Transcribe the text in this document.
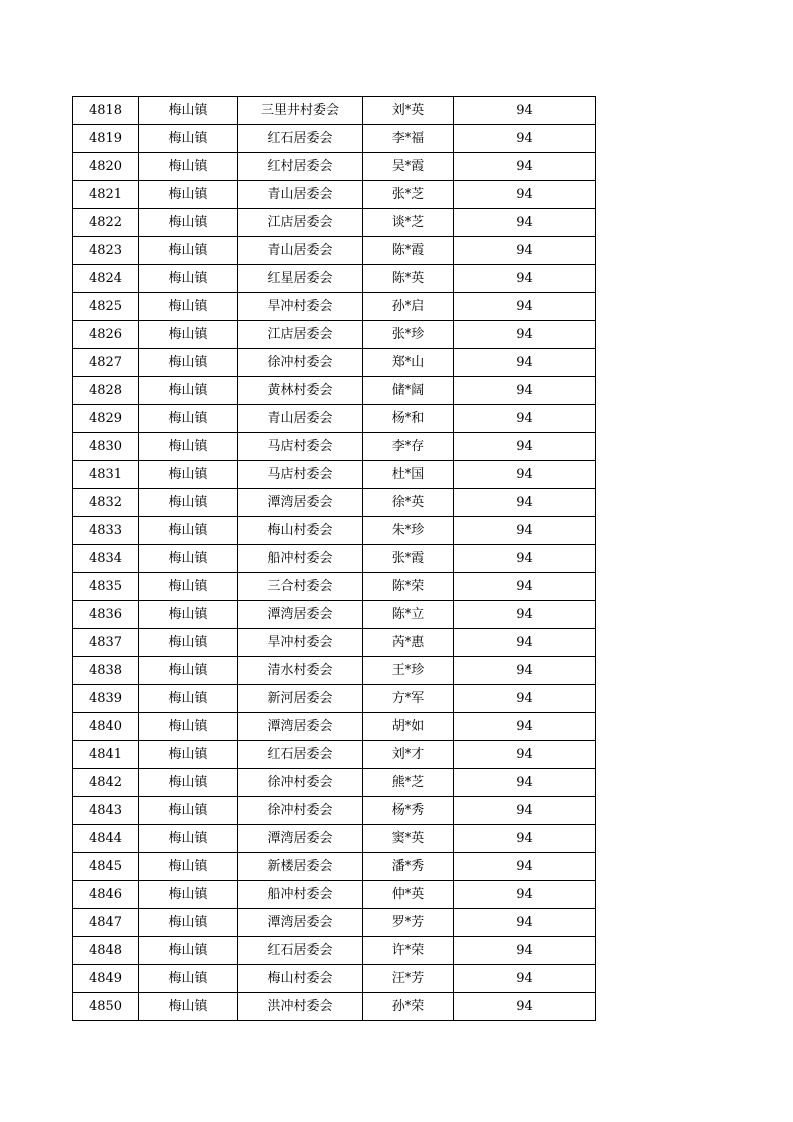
4818	梅山镇	三里井村委会	刘*英	94
4819	梅山镇	红石居委会	李*福	94
4820	梅山镇	红村居委会	吴*霞	94
4821	梅山镇	青山居委会	张*芝	94
4822	梅山镇	江店居委会	谈*芝	94
4823	梅山镇	青山居委会	陈*霞	94
4824	梅山镇	红星居委会	陈*英	94
4825	梅山镇	旱冲村委会	孙*启	94
4826	梅山镇	江店居委会	张*珍	94
4827	梅山镇	徐冲村委会	郑*山	94
4828	梅山镇	黄林村委会	储*阔	94
4829	梅山镇	青山居委会	杨*和	94
4830	梅山镇	马店村委会	李*存	94
4831	梅山镇	马店村委会	杜*国	94
4832	梅山镇	潭湾居委会	徐*英	94
4833	梅山镇	梅山村委会	朱*珍	94
4834	梅山镇	船冲村委会	张*霞	94
4835	梅山镇	三合村委会	陈*荣	94
4836	梅山镇	潭湾居委会	陈*立	94
4837	梅山镇	旱冲村委会	芮*惠	94
4838	梅山镇	清水村委会	王*珍	94
4839	梅山镇	新河居委会	方*军	94
4840	梅山镇	潭湾居委会	胡*如	94
4841	梅山镇	红石居委会	刘*才	94
4842	梅山镇	徐冲村委会	熊*芝	94
4843	梅山镇	徐冲村委会	杨*秀	94
4844	梅山镇	潭湾居委会	窦*英	94
4845	梅山镇	新楼居委会	潘*秀	94
4846	梅山镇	船冲村委会	仲*英	94
4847	梅山镇	潭湾居委会	罗*芳	94
4848	梅山镇	红石居委会	许*荣	94
4849	梅山镇	梅山村委会	汪*芳	94
4850	梅山镇	洪冲村委会	孙*荣	94
